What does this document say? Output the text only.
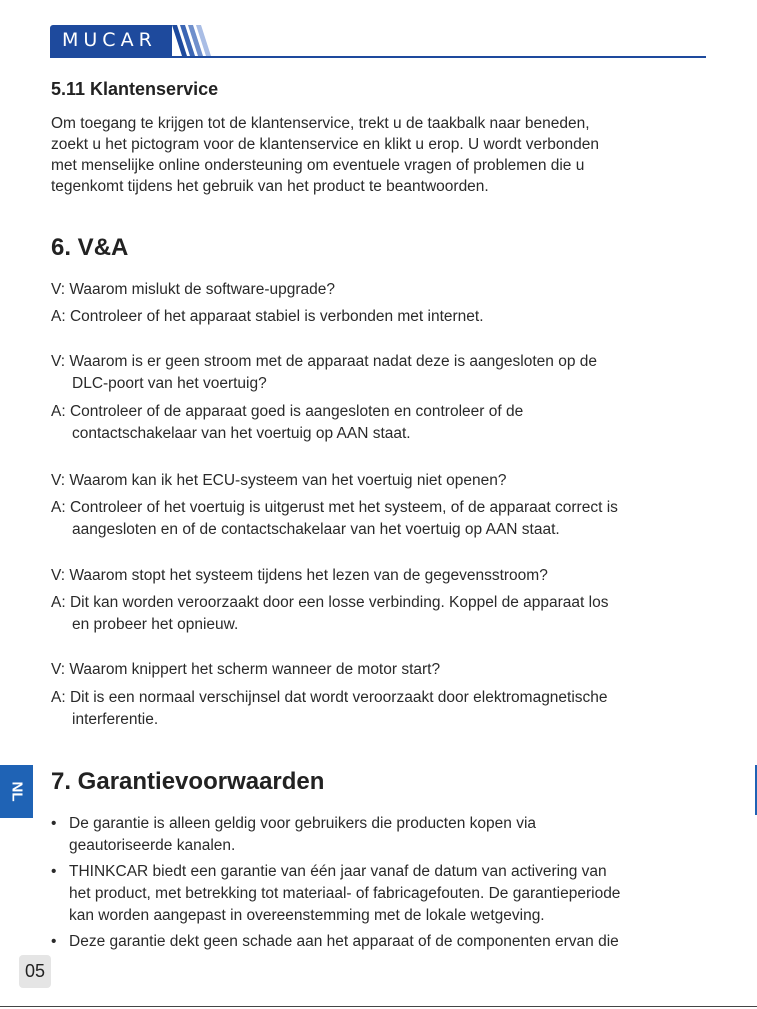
MUCAR
5.11 Klantenservice
Om toegang te krijgen tot de klantenservice, trekt u de taakbalk naar beneden,
zoekt u het pictogram voor de klantenservice en klikt u erop. U wordt verbonden
met menselijke online ondersteuning om eventuele vragen of problemen die u
tegenkomt tijdens het gebruik van het product te beantwoorden.
6. V&A
V: Waarom mislukt de software-upgrade?
A: Controleer of het apparaat stabiel is verbonden met internet.
V: Waarom is er geen stroom met de apparaat nadat deze is aangesloten op de
DLC-poort van het voertuig?
A: Controleer of de apparaat goed is aangesloten en controleer of de
contactschakelaar van het voertuig op AAN staat.
V: Waarom kan ik het ECU-systeem van het voertuig niet openen?
A: Controleer of het voertuig is uitgerust met het systeem, of de apparaat correct is
aangesloten en of de contactschakelaar van het voertuig op AAN staat.
V: Waarom stopt het systeem tijdens het lezen van de gegevensstroom?
A: Dit kan worden veroorzaakt door een losse verbinding. Koppel de apparaat los
en probeer het opnieuw.
V: Waarom knippert het scherm wanneer de motor start?
A: Dit is een normaal verschijnsel dat wordt veroorzaakt door elektromagnetische
interferentie.
7. Garantievoorwaarden
• De garantie is alleen geldig voor gebruikers die producten kopen via
geautoriseerde kanalen.
• THINKCAR biedt een garantie van één jaar vanaf de datum van activering van
het product, met betrekking tot materiaal- of fabricagefouten. De garantieperiode
kan worden aangepast in overeenstemming met de lokale wetgeving.
• Deze garantie dekt geen schade aan het apparaat of de componenten ervan die
NL
05
